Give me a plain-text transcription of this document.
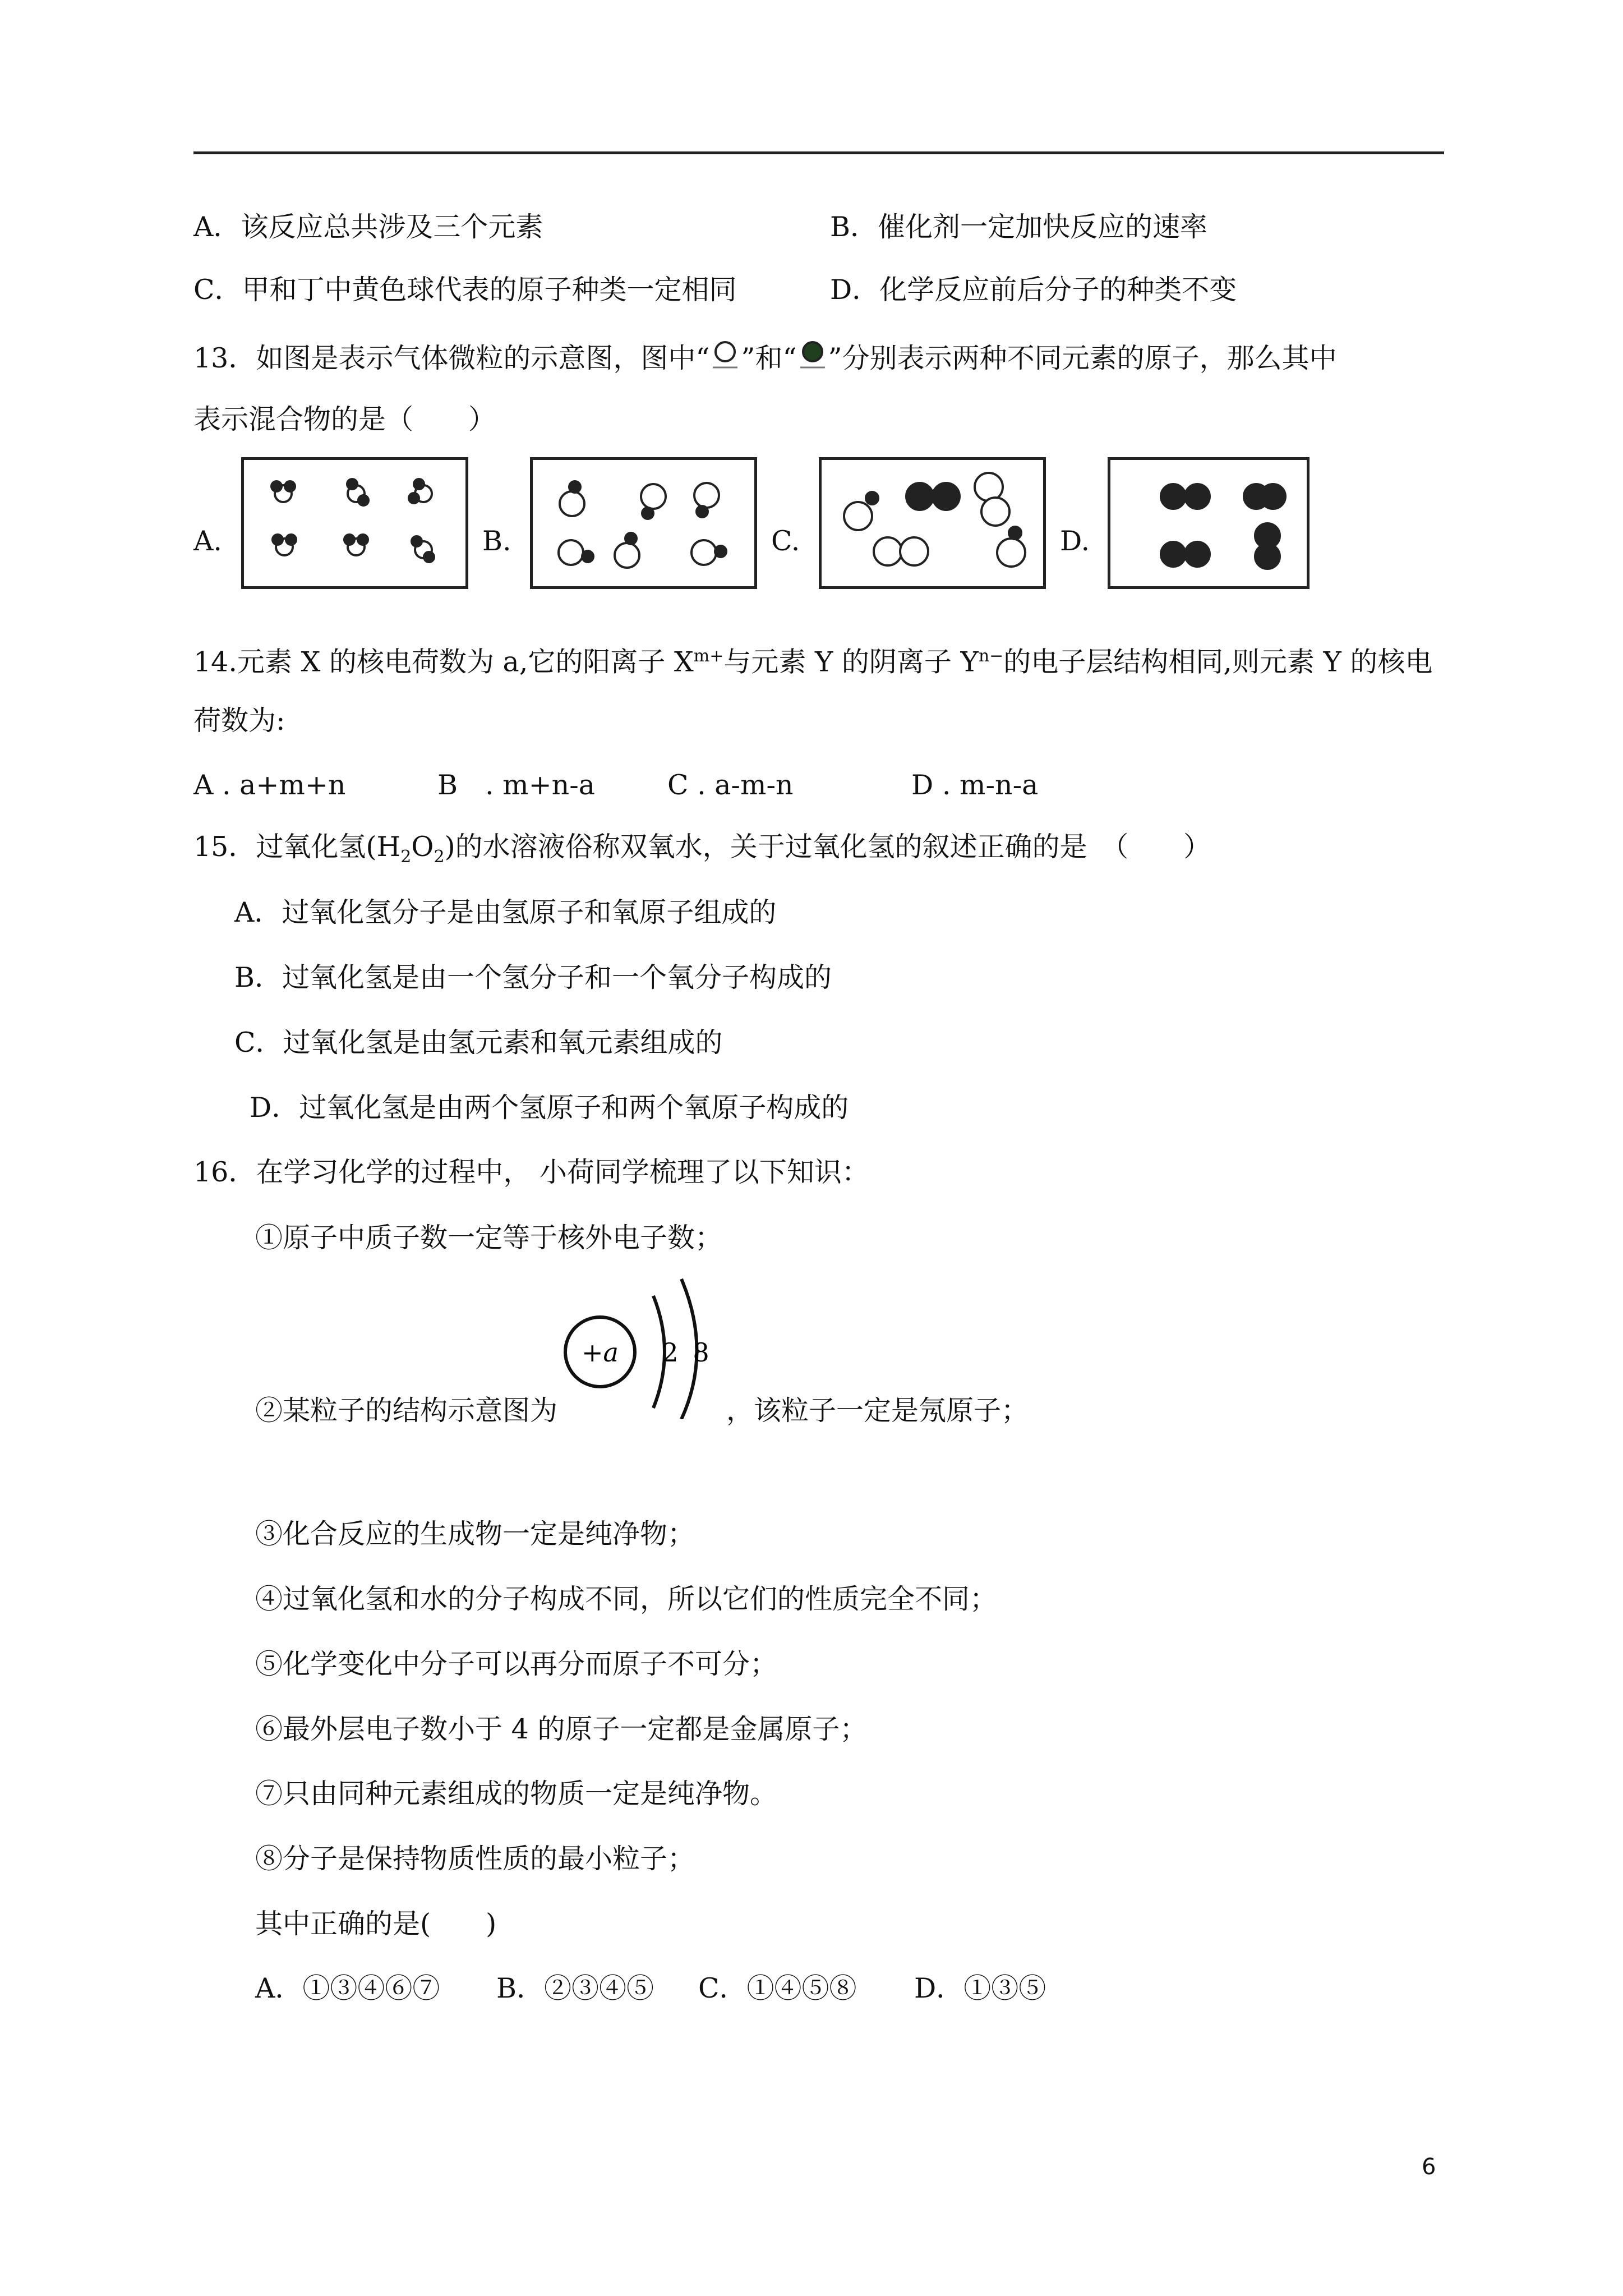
A．该反应总共涉及三个元素	B．催化剂一定加快反应的速率
C．甲和丁中黄色球代表的原子种类一定相同	D．化学反应前后分子的种类不变
13．如图是表示气体微粒的示意图，图中“ ”和“ ”分别表示两种不同元素的原子，那么其中
表示混合物的是（　　）
A.	B.	C.	D.
14.元素 X 的核电荷数为 a,它的阳离子 $X^{m+}$与元素 Y 的阴离子 $Y^{n-}$的电子层结构相同,则元素 Y 的核电
荷数为:
A . a+m+n	B　. m+n-a	C . a-m-n	D . m-n-a
15．过氧化氢$(H_2O_2)$的水溶液俗称双氧水，关于过氧化氢的叙述正确的是　（　　）
A．过氧化氢分子是由氢原子和氧原子组成的
B．过氧化氢是由一个氢分子和一个氧分子构成的
C．过氧化氢是由氢元素和氧元素组成的
D．过氧化氢是由两个氢原子和两个氧原子构成的
16．在学习化学的过程中， 小荷同学梳理了以下知识：
①原子中质子数一定等于核外电子数；
②某粒子的结构示意图为
+a 2 8
，该粒子一定是氖原子；
③化合反应的生成物一定是纯净物；
④过氧化氢和水的分子构成不同，所以它们的性质完全不同；
⑤化学变化中分子可以再分而原子不可分；
⑥最外层电子数小于 4 的原子一定都是金属原子；
⑦只由同种元素组成的物质一定是纯净物。
⑧分子是保持物质性质的最小粒子；
其中正确的是(　　)
A．①③④⑥⑦ B．②③④⑤ C．①④⑤⑧ D．①③⑤
6
